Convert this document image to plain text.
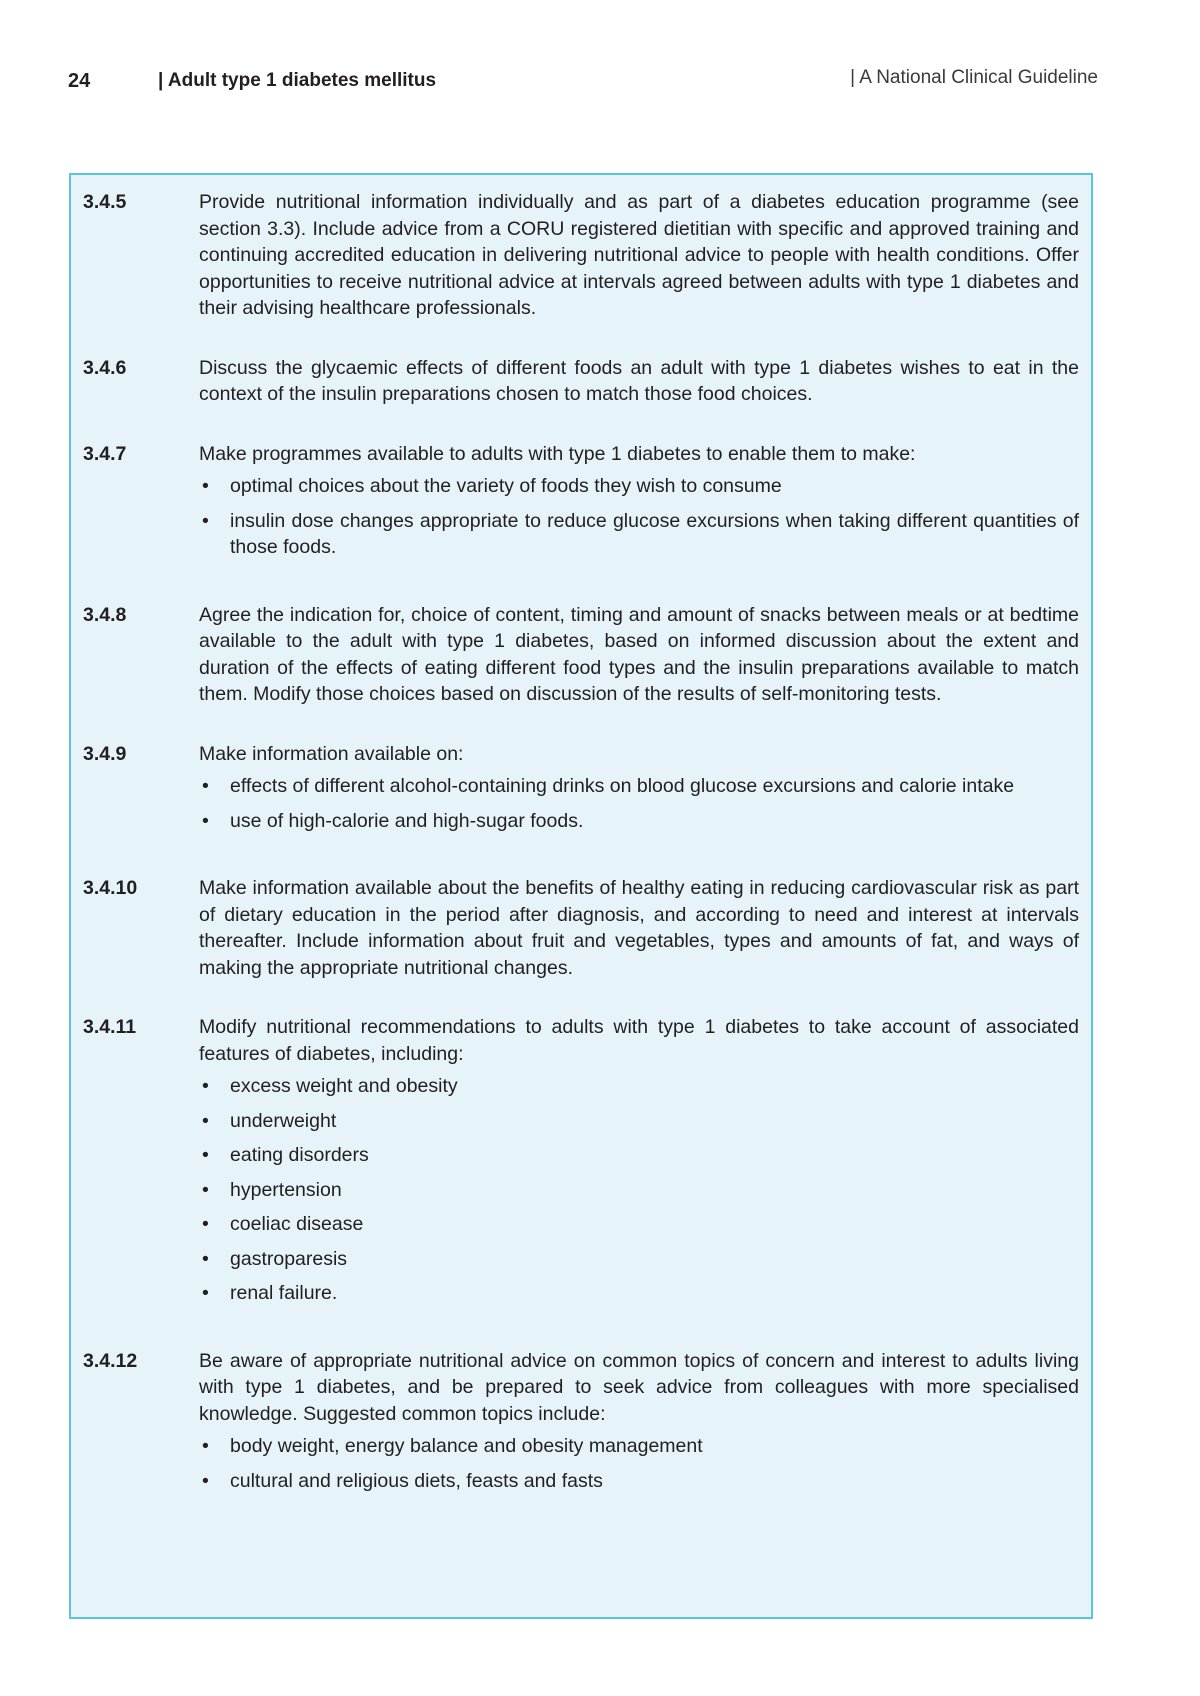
24	| Adult type 1 diabetes mellitus	| A National Clinical Guideline
3.4.5	Provide nutritional information individually and as part of a diabetes education programme (see section 3.3). Include advice from a CORU registered dietitian with specific and approved training and continuing accredited education in delivering nutritional advice to people with health conditions. Offer opportunities to receive nutritional advice at intervals agreed between adults with type 1 diabetes and their advising healthcare professionals.

3.4.6	Discuss the glycaemic effects of different foods an adult with type 1 diabetes wishes to eat in the context of the insulin preparations chosen to match those food choices.

3.4.7	Make programmes available to adults with type 1 diabetes to enable them to make:

• optimal choices about the variety of foods they wish to consume
• insulin dose changes appropriate to reduce glucose excursions when taking different quantities of those foods.
3.4.8	Agree the indication for, choice of content, timing and amount of snacks between meals or at bedtime available to the adult with type 1 diabetes, based on informed discussion about the extent and duration of the effects of eating different food types and the insulin preparations available to match them. Modify those choices based on discussion of the results of self-monitoring tests.

3.4.9	Make information available on:

• effects of different alcohol-containing drinks on blood glucose excursions and calorie intake
• use of high-calorie and high-sugar foods.
3.4.10	Make information available about the benefits of healthy eating in reducing cardiovascular risk as part of dietary education in the period after diagnosis, and according to need and interest at intervals thereafter. Include information about fruit and vegetables, types and amounts of fat, and ways of making the appropriate nutritional changes.

3.4.11	Modify nutritional recommendations to adults with type 1 diabetes to take account of associated features of diabetes, including:

• excess weight and obesity
• underweight
• eating disorders
• hypertension
• coeliac disease
• gastroparesis
• renal failure.
3.4.12	Be aware of appropriate nutritional advice on common topics of concern and interest to adults living with type 1 diabetes, and be prepared to seek advice from colleagues with more specialised knowledge. Suggested common topics include:

• body weight, energy balance and obesity management
• cultural and religious diets, feasts and fasts
